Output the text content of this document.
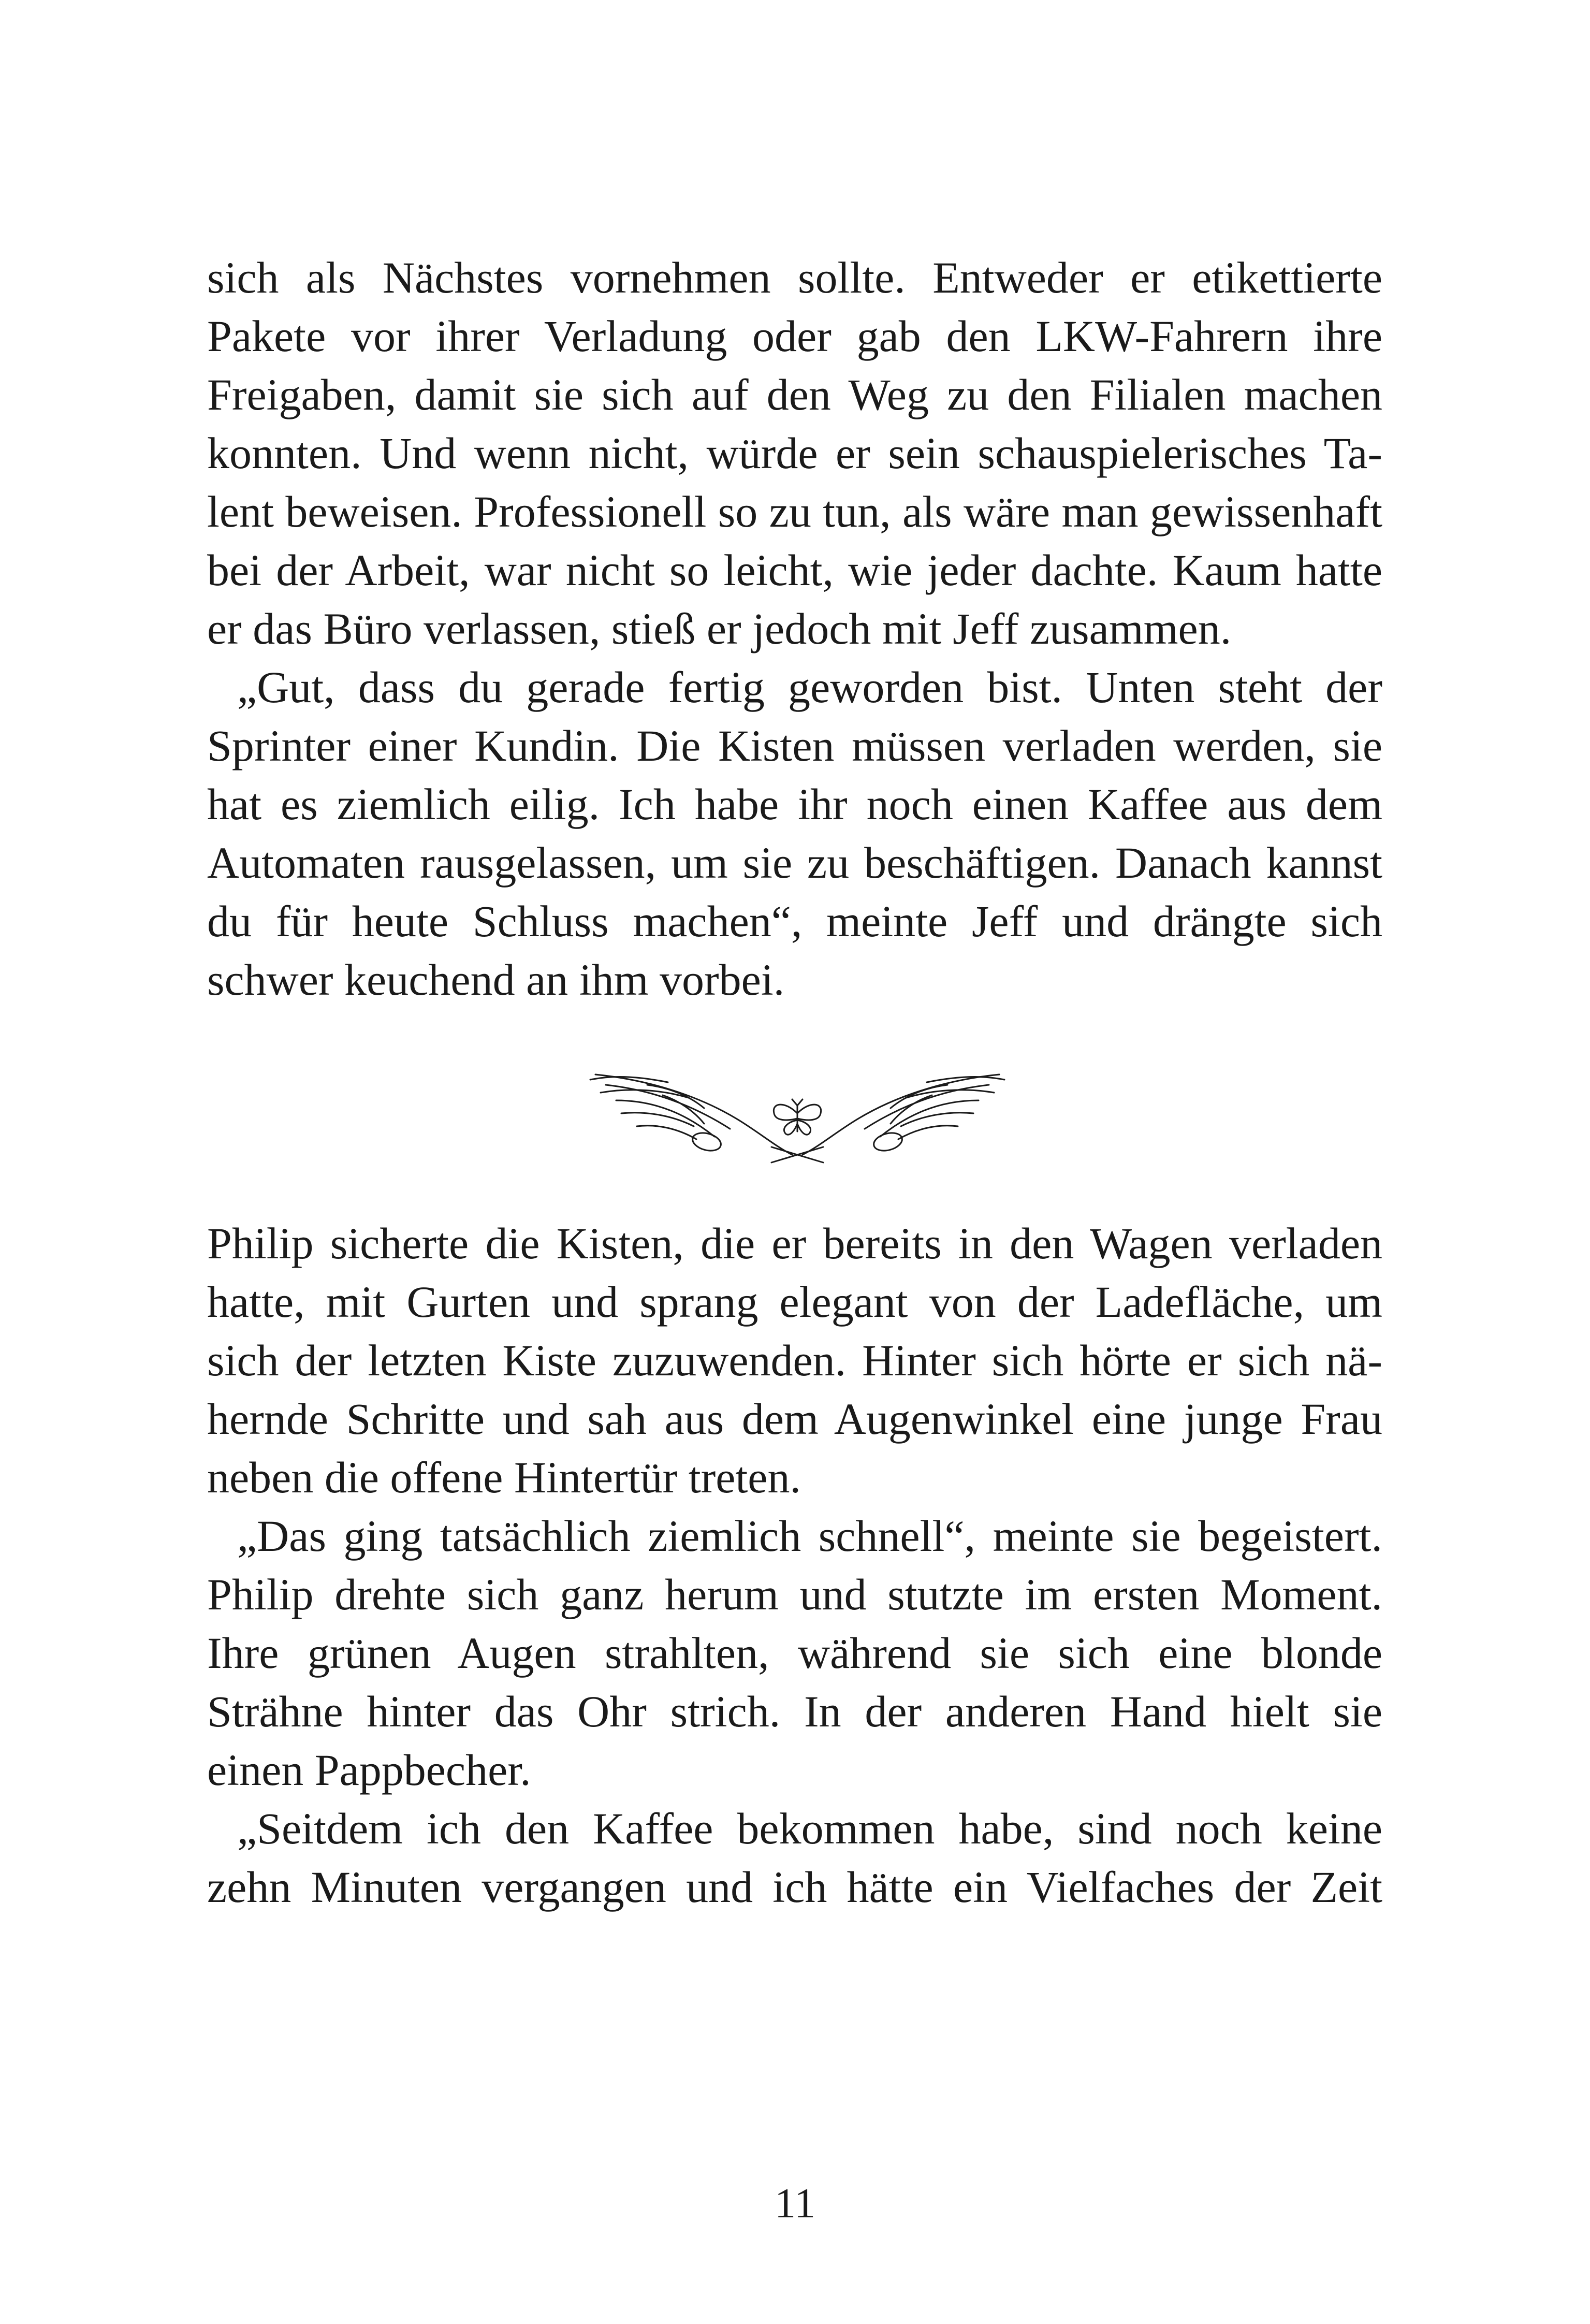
sich als Nächstes vornehmen sollte. Entweder er etikettierte
Pakete vor ihrer Verladung oder gab den LKW-Fahrern ihre
Freigaben, damit sie sich auf den Weg zu den Filialen machen
konnten. Und wenn nicht, würde er sein schauspielerisches Ta-
lent beweisen. Professionell so zu tun, als wäre man gewissenhaft
bei der Arbeit, war nicht so leicht, wie jeder dachte. Kaum hatte
er das Büro verlassen, stieß er jedoch mit Jeff zusammen.
„Gut, dass du gerade fertig geworden bist. Unten steht der
Sprinter einer Kundin. Die Kisten müssen verladen werden, sie
hat es ziemlich eilig. Ich habe ihr noch einen Kaffee aus dem
Automaten rausgelassen, um sie zu beschäftigen. Danach kannst
du für heute Schluss machen“, meinte Jeff und drängte sich
schwer keuchend an ihm vorbei.
Philip sicherte die Kisten, die er bereits in den Wagen verladen
hatte, mit Gurten und sprang elegant von der Ladefläche, um
sich der letzten Kiste zuzuwenden. Hinter sich hörte er sich nä-
hernde Schritte und sah aus dem Augenwinkel eine junge Frau
neben die offene Hintertür treten.
„Das ging tatsächlich ziemlich schnell“, meinte sie begeistert.
Philip drehte sich ganz herum und stutzte im ersten Moment.
Ihre grünen Augen strahlten, während sie sich eine blonde
Strähne hinter das Ohr strich. In der anderen Hand hielt sie
einen Pappbecher.
„Seitdem ich den Kaffee bekommen habe, sind noch keine
zehn Minuten vergangen und ich hätte ein Vielfaches der Zeit
11
